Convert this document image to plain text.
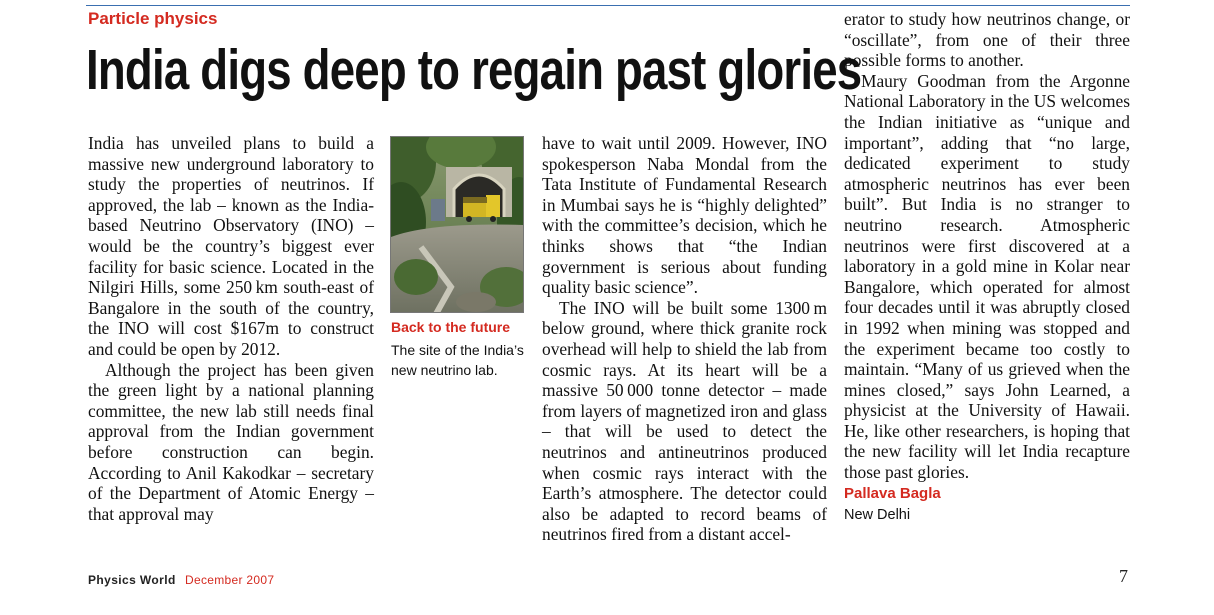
Particle physics
India digs deep to regain past glories

India has unveiled plans to build a massive new underground laboratory to study the properties of neutrinos. If approved, the lab – known as the India-based Neutrino Observatory (INO) – would be the country’s biggest ever facility for basic science. Located in the Nilgiri Hills, some 250 km south-east of Bangalore in the south of the country, the INO will cost $167m to construct and could be open by 2012.

Although the project has been given the green light by a national planning committee, the new lab still needs final approval from the Indian government before construction can begin. According to Anil Kakodkar – secretary of the Department of Atomic Energy – that approval may

Back to the future
The site of the India’s new neutrino lab.

have to wait until 2009. However, INO spokesperson Naba Mondal from the Tata Institute of Fundamental Research in Mumbai says he is “highly delighted” with the committee’s decision, which he thinks shows that “the Indian government is serious about funding quality basic science”.

The INO will be built some 1300 m below ground, where thick granite rock overhead will help to shield the lab from cosmic rays. At its heart will be a massive 50 000 tonne detector – made from layers of magnetized iron and glass – that will be used to detect the neutrinos and antineutrinos produced when cosmic rays interact with the Earth’s atmosphere. The detector could also be adapted to record beams of neutrinos fired from a distant accel-

erator to study how neutrinos change, or “oscillate”, from one of their three possible forms to another.

Maury Goodman from the Argonne National Laboratory in the US welcomes the Indian initiative as “unique and important”, adding that “no large, dedicated experiment to study atmospheric neutrinos has ever been built”. But India is no stranger to neutrino research. Atmospheric neutrinos were first discovered at a laboratory in a gold mine in Kolar near Bangalore, which operated for almost four decades until it was abruptly closed in 1992 when mining was stopped and the experiment became too costly to maintain. “Many of us grieved when the mines closed,” says John Learned, a physicist at the University of Hawaii. He, like other researchers, is hoping that the new facility will let India recapture those past glories.

Pallava Bagla
New Delhi
Physics World December 2007	7
